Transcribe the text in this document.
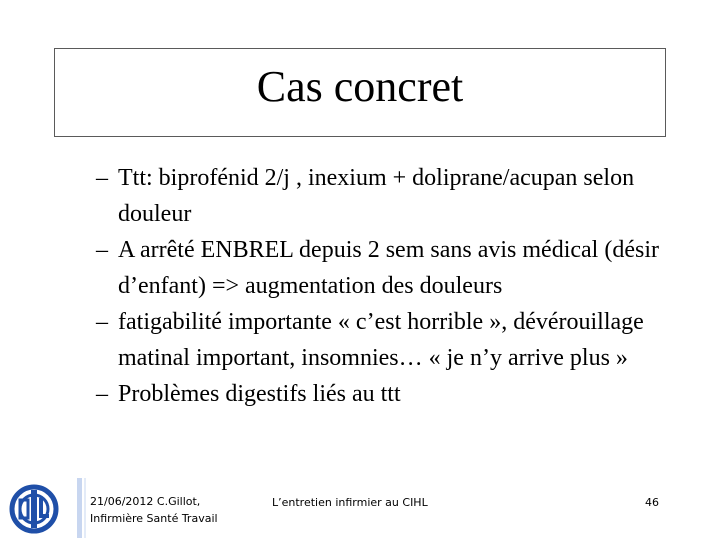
Cas concret
– Ttt: biprofénid 2/j , inexium + doliprane/acupan selon douleur
– A arrêté ENBREL depuis 2 sem sans avis médical (désir d’enfant) => augmentation des douleurs
– fatigabilité importante « c’est horrible », dévérouillage matinal important, insomnies… « je n’y arrive plus »
– Problèmes digestifs liés au ttt
21/06/2012 C.Gillot,
Infirmière Santé Travail
L’entretien infirmier au CIHL	46
